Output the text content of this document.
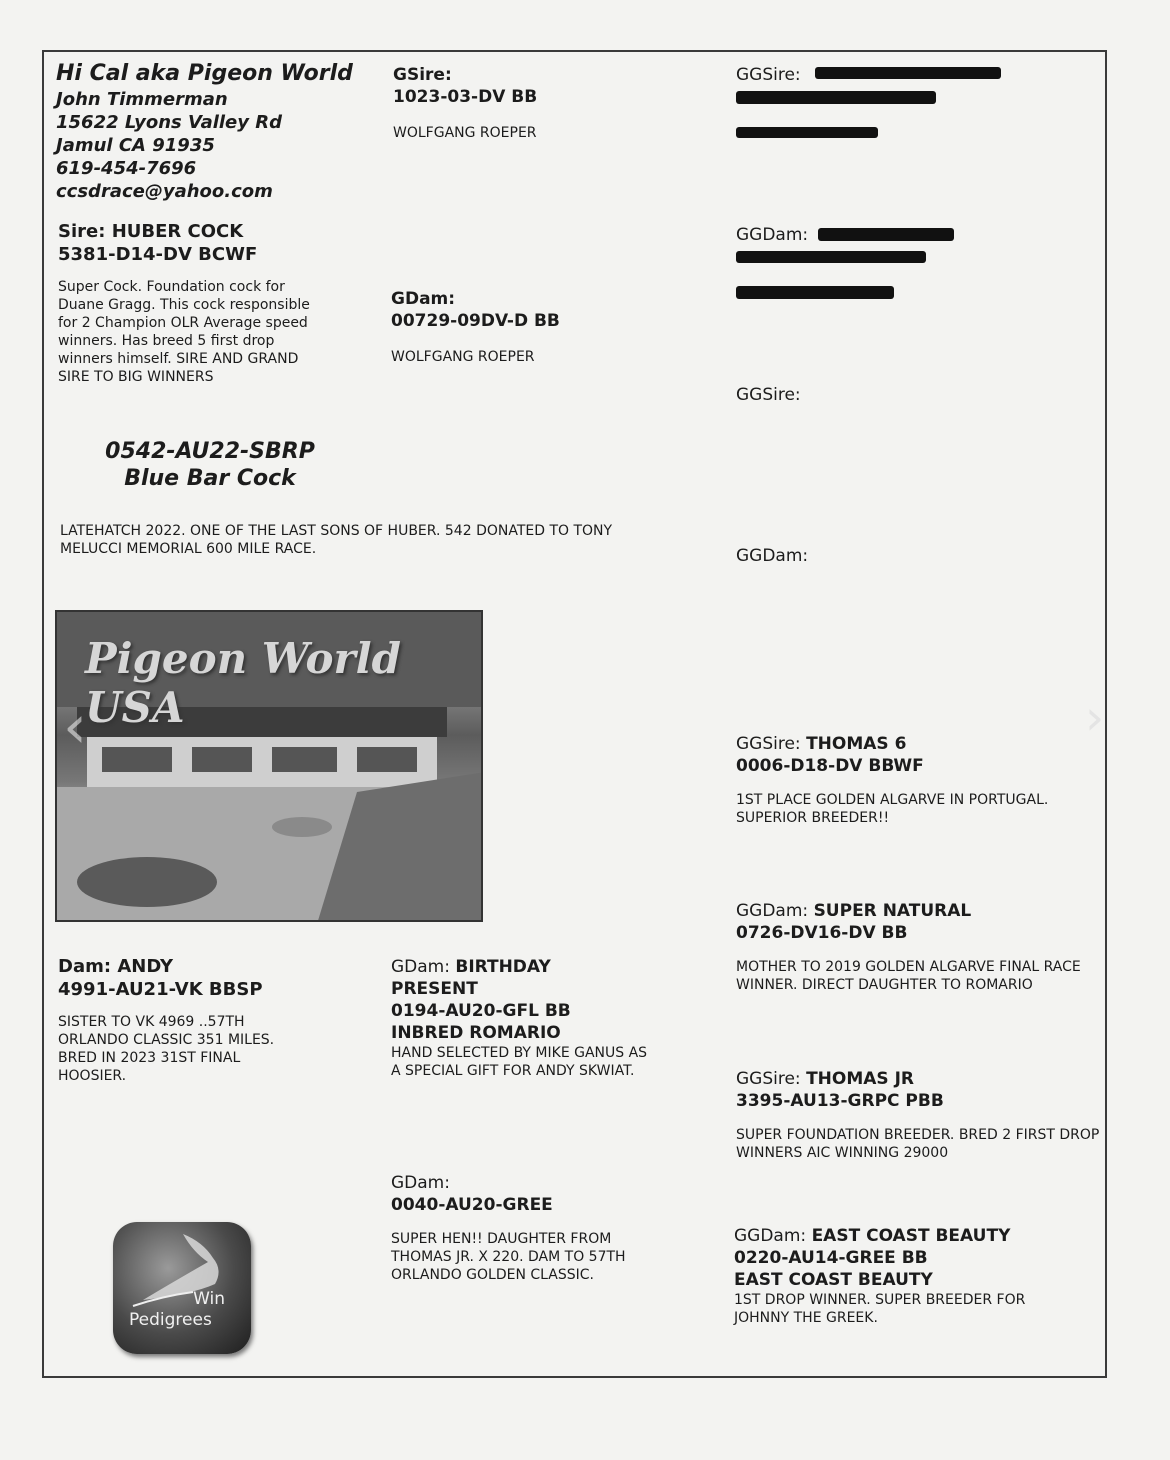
Hi Cal aka Pigeon World
John Timmerman
15622 Lyons Valley Rd
Jamul CA 91935
619-454-7696
ccsdrace@yahoo.com
Sire: HUBER COCK
5381-D14-DV BCWF
Super Cock. Foundation cock for Duane Gragg. This cock responsible for 2 Champion OLR Average speed winners. Has breed 5 first drop winners himself. SIRE AND GRAND SIRE TO BIG WINNERS
0542-AU22-SBRP
Blue Bar Cock
LATEHATCH 2022. ONE OF THE LAST SONS OF HUBER. 542 DONATED TO TONY MELUCCI MEMORIAL 600 MILE RACE.
Pigeon World USA
‹
Dam: ANDY
4991-AU21-VK BBSP
SISTER TO VK 4969 ..57TH ORLANDO CLASSIC 351 MILES. BRED IN 2023 31ST FINAL HOOSIER.
Win
Pedigrees
GSire:
1023-03-DV BB
WOLFGANG ROEPER
GDam:
00729-09DV-D BB
WOLFGANG ROEPER
GDam: BIRTHDAY
PRESENT
0194-AU20-GFL BB
INBRED ROMARIO
HAND SELECTED BY MIKE GANUS AS A SPECIAL GIFT FOR ANDY SKWIAT.
GDam:
0040-AU20-GREE
SUPER HEN!! DAUGHTER FROM THOMAS JR. X 220. DAM TO 57TH ORLANDO GOLDEN CLASSIC.
GGSire:
GGDam:
GGSire:
GGDam:
GGSire: THOMAS 6
0006-D18-DV BBWF
1ST PLACE GOLDEN ALGARVE IN PORTUGAL. SUPERIOR BREEDER!!
GGDam: SUPER NATURAL
0726-DV16-DV BB
MOTHER TO 2019 GOLDEN ALGARVE FINAL RACE WINNER. DIRECT DAUGHTER TO ROMARIO
GGSire: THOMAS JR
3395-AU13-GRPC PBB
SUPER FOUNDATION BREEDER. BRED 2 FIRST DROP WINNERS AIC WINNING 29000
GGDam: EAST COAST BEAUTY
0220-AU14-GREE BB
EAST COAST BEAUTY
1ST DROP WINNER. SUPER BREEDER FOR JOHNNY THE GREEK.
›
